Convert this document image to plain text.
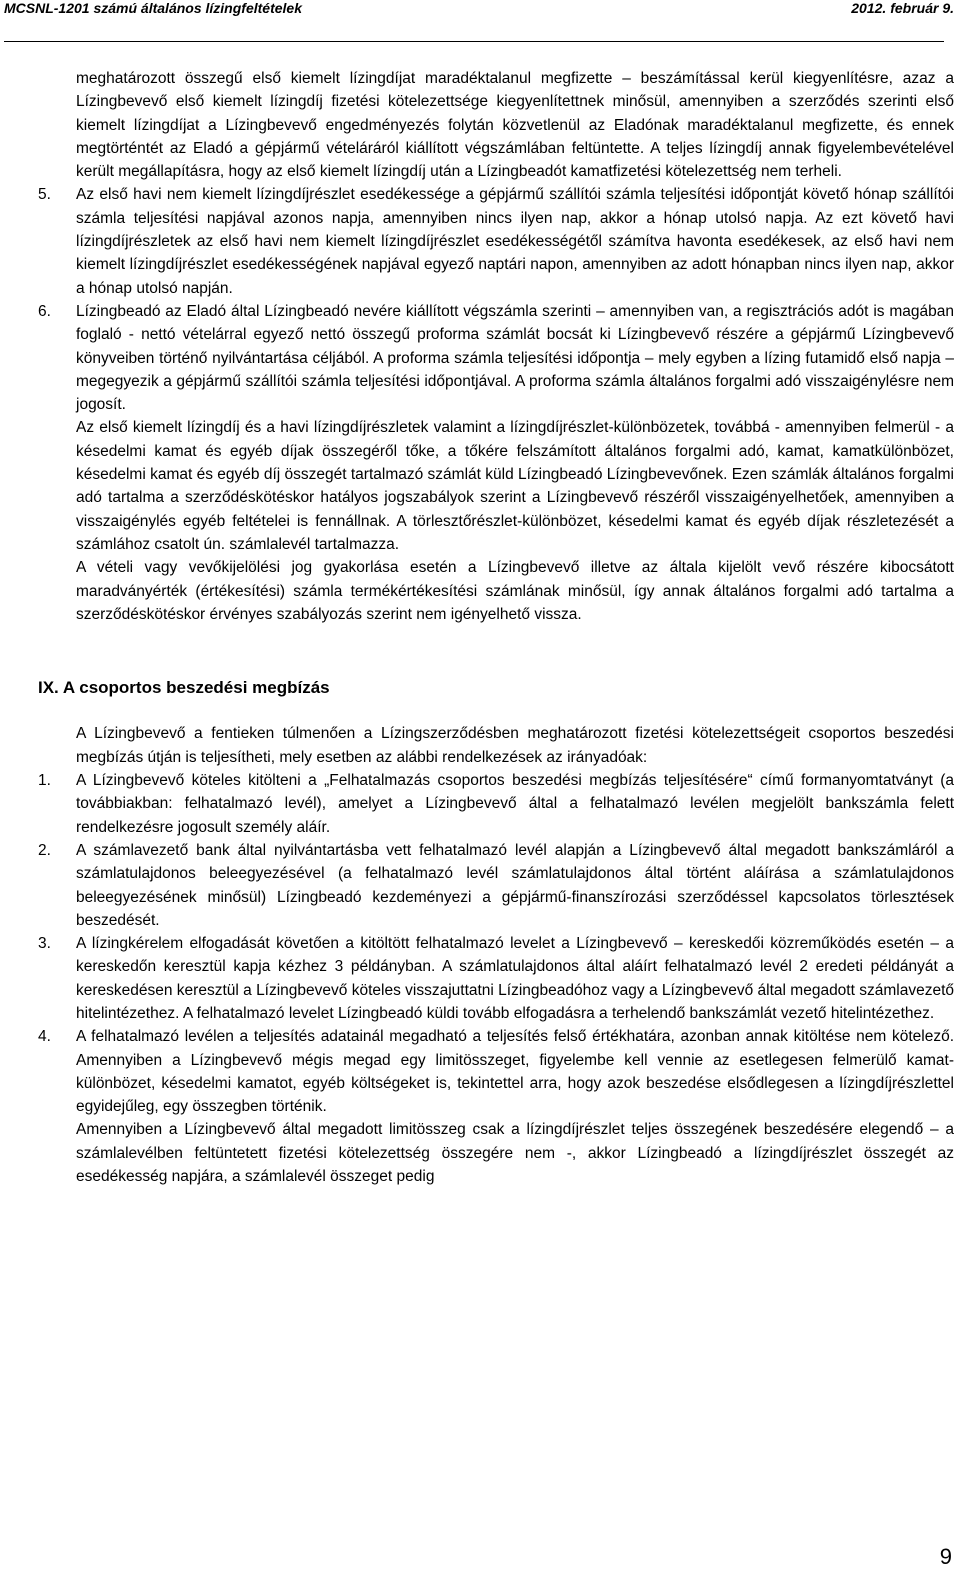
MCSNL-1201 számú általános lízingfeltételek	2012. február 9.

meghatározott összegű első kiemelt lízingdíjat maradéktalanul megfizette – beszámítással kerül kiegyenlítésre, azaz a Lízingbevevő első kiemelt lízingdíj fizetési kötelezettsége kiegyenlítettnek minősül, amennyiben a szerződés szerinti első kiemelt lízingdíjat a Lízingbevevő engedményezés folytán közvetlenül az Eladónak maradéktalanul megfizette, és ennek megtörténtét az Eladó a gépjármű vételáráról kiállított végszámlában feltüntette. A teljes lízingdíj annak figyelembevételével került megállapításra, hogy az első kiemelt lízingdíj után a Lízingbeadót kamatfizetési kötelezettség nem terheli.

5. Az első havi nem kiemelt lízingdíjrészlet esedékessége a gépjármű szállítói számla teljesítési időpontját követő hónap szállítói számla teljesítési napjával azonos napja, amennyiben nincs ilyen nap, akkor a hónap utolsó napja. Az ezt követő havi lízingdíjrészletek az első havi nem kiemelt lízingdíjrészlet esedékességétől számítva havonta esedékesek, az első havi nem kiemelt lízingdíjrészlet esedékességének napjával egyező naptári napon, amennyiben az adott hónapban nincs ilyen nap, akkor a hónap utolsó napján.
6. Lízingbeadó az Eladó által Lízingbeadó nevére kiállított végszámla szerinti – amennyiben van, a regisztrációs adót is magában foglaló - nettó vételárral egyező nettó összegű proforma számlát bocsát ki Lízingbevevő részére a gépjármű Lízingbevevő könyveiben történő nyilvántartása céljából. A proforma számla teljesítési időpontja – mely egyben a lízing futamidő első napja – megegyezik a gépjármű szállítói számla teljesítési időpontjával. A proforma számla általános forgalmi adó visszaigénylésre nem jogosít.

Az első kiemelt lízingdíj és a havi lízingdíjrészletek valamint a lízingdíjrészlet-különbözetek, továbbá - amennyiben felmerül - a késedelmi kamat és egyéb díjak összegéről tőke, a tőkére felszámított általános forgalmi adó, kamat, kamatkülönbözet, késedelmi kamat és egyéb díj összegét tartalmazó számlát küld Lízingbeadó Lízingbevevőnek. Ezen számlák általános forgalmi adó tartalma a szerződéskötéskor hatályos jogszabályok szerint a Lízingbevevő részéről visszaigényelhetőek, amennyiben a visszaigénylés egyéb feltételei is fennállnak. A törlesztőrészlet-különbözet, késedelmi kamat és egyéb díjak részletezését a számlához csatolt ún. számlalevél tartalmazza.

A vételi vagy vevőkijelölési jog gyakorlása esetén a Lízingbevevő illetve az általa kijelölt vevő részére kibocsátott maradványérték (értékesítési) számla termékértékesítési számlának minősül, így annak általános forgalmi adó tartalma a szerződéskötéskor érvényes szabályozás szerint nem igényelhető vissza.

IX. A csoportos beszedési megbízás

A Lízingbevevő a fentieken túlmenően a Lízingszerződésben meghatározott fizetési kötelezettségeit csoportos beszedési megbízás útján is teljesítheti, mely esetben az alábbi rendelkezések az irányadóak:

1. A Lízingbevevő köteles kitölteni a „Felhatalmazás csoportos beszedési megbízás teljesítésére“ című formanyomtatványt (a továbbiakban: felhatalmazó levél), amelyet a Lízingbevevő által a felhatalmazó levélen megjelölt bankszámla felett rendelkezésre jogosult személy aláír.
2. A számlavezető bank által nyilvántartásba vett felhatalmazó levél alapján a Lízingbevevő által megadott bankszámláról a számlatulajdonos beleegyezésével (a felhatalmazó levél számlatulajdonos által történt aláírása a számlatulajdonos beleegyezésének minősül) Lízingbeadó kezdeményezi a gépjármű-finanszírozási szerződéssel kapcsolatos törlesztések beszedését.
3. A lízingkérelem elfogadását követően a kitöltött felhatalmazó levelet a Lízingbevevő – kereskedői közreműködés esetén – a kereskedőn keresztül kapja kézhez 3 példányban. A számlatulajdonos által aláírt felhatalmazó levél 2 eredeti példányát a kereskedésen keresztül a Lízingbevevő köteles visszajuttatni Lízingbeadóhoz vagy a Lízingbevevő által megadott számlavezető hitelintézethez. A felhatalmazó levelet Lízingbeadó küldi tovább elfogadásra a terhelendő bankszámlát vezető hitelintézethez.
4. A felhatalmazó levélen a teljesítés adatainál megadható a teljesítés felső értékhatára, azonban annak kitöltése nem kötelező. Amennyiben a Lízingbevevő mégis megad egy limitösszeget, figyelembe kell vennie az esetlegesen felmerülő kamat-különbözet, késedelmi kamatot, egyéb költségeket is, tekintettel arra, hogy azok beszedése elsődlegesen a lízingdíjrészlettel egyidejűleg, egy összegben történik.

Amennyiben a Lízingbevevő által megadott limitösszeg csak a lízingdíjrészlet teljes összegének beszedésére elegendő – a számlalevélben feltüntetett fizetési kötelezettség összegére nem -, akkor Lízingbeadó a lízingdíjrészlet összegét az esedékesség napjára, a számlalevél összeget pedig

9
